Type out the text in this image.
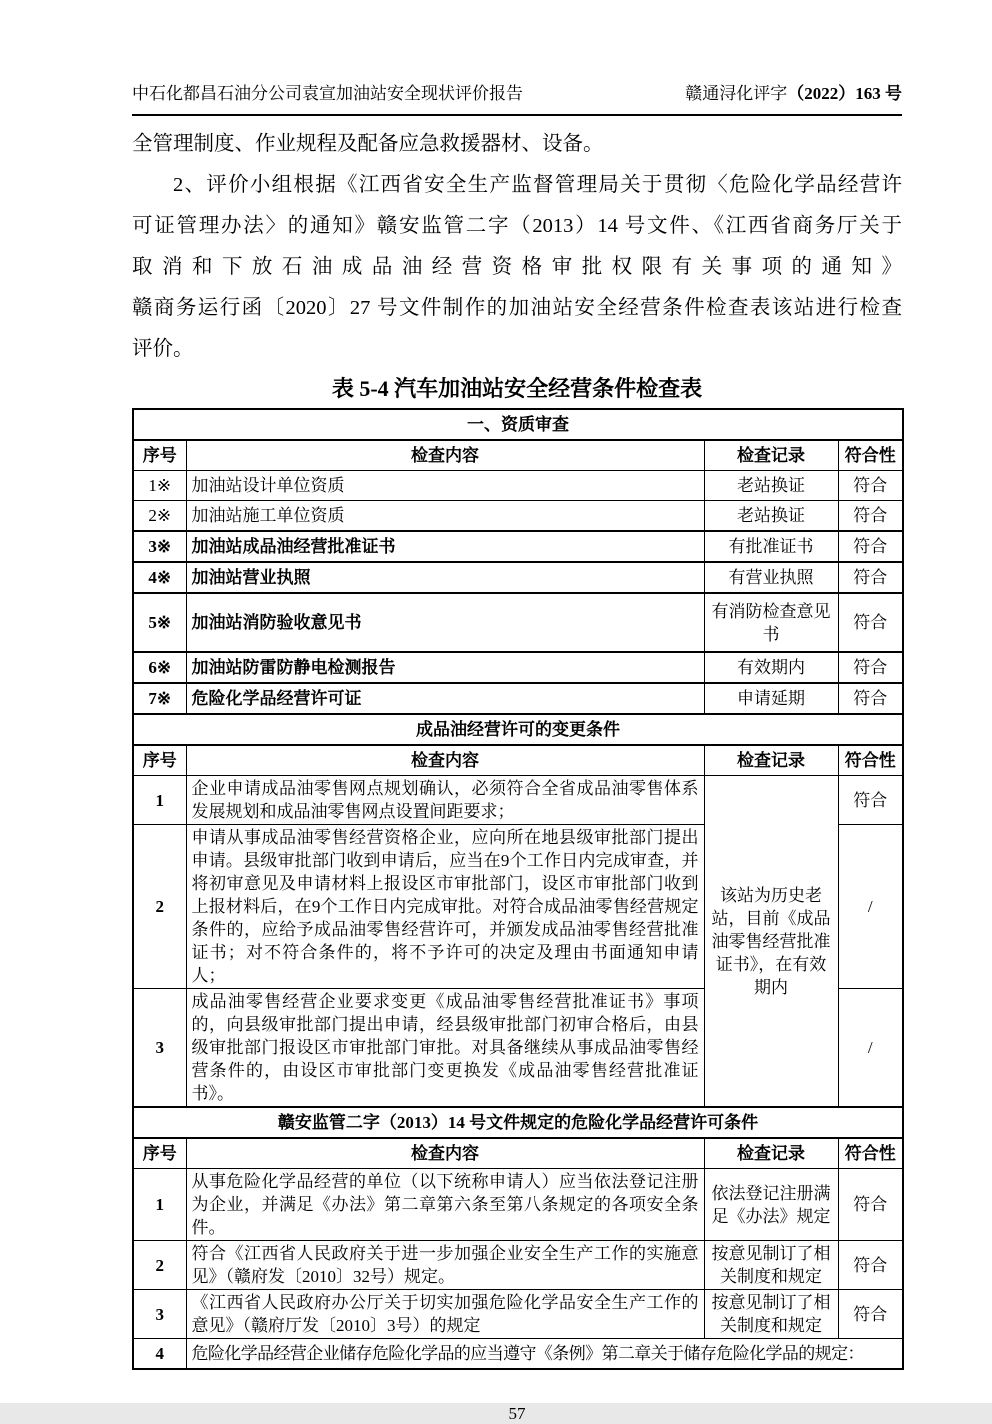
中石化都昌石油分公司袁宣加油站安全现状评价报告	赣通浔化评字（2022）163 号
全管理制度、作业规程及配备应急救援器材、设备。
2、评价小组根据《江西省安全生产监督管理局关于贯彻〈危险化学品经营许
可证管理办法〉的通知》赣安监管二字（2013）14 号文件、《江西省商务厅关于
取消和下放石油成品油经营资格审批权限有关事项的通知》
赣商务运行函〔2020〕27 号文件制作的加油站安全经营条件检查表该站进行检查
评价。
表 5-4 汽车加油站安全经营条件检查表
一、资质审查			
序号	检查内容	检查记录	符合性
1※	加油站设计单位资质	老站换证	符合
2※	加油站施工单位资质	老站换证	符合
3※	加油站成品油经营批准证书	有批准证书	符合
4※	加油站营业执照	有营业执照	符合
5※	加油站消防验收意见书	有消防检查意见书	符合
6※	加油站防雷防静电检测报告	有效期内	符合
7※	危险化学品经营许可证	申请延期	符合
成品油经营许可的变更条件			
序号	检查内容	检查记录	符合性
1	企业申请成品油零售网点规划确认，必须符合全省成品油零售体系发展规划和成品油零售网点设置间距要求；	该站为历史老站，目前《成品油零售经营批准证书》，在有效期内	符合
2	申请从事成品油零售经营资格企业，应向所在地县级审批部门提出申请。县级审批部门收到申请后，应当在9个工作日内完成审查，并将初审意见及申请材料上报设区市审批部门，设区市审批部门收到上报材料后，在9个工作日内完成审批。对符合成品油零售经营规定条件的，应给予成品油零售经营许可，并颁发成品油零售经营批准证书；对不符合条件的，将不予许可的决定及理由书面通知申请人；		/
3	成品油零售经营企业要求变更《成品油零售经营批准证书》事项的，向县级审批部门提出申请，经县级审批部门初审合格后，由县级审批部门报设区市审批部门审批。对具备继续从事成品油零售经营条件的，由设区市审批部门变更换发《成品油零售经营批准证书》。		/
赣安监管二字（2013）14 号文件规定的危险化学品经营许可条件			
序号	检查内容	检查记录	符合性
1	从事危险化学品经营的单位（以下统称申请人）应当依法登记注册为企业，并满足《办法》第二章第六条至第八条规定的各项安全条件。	依法登记注册满足《办法》规定	符合
2	符合《江西省人民政府关于进一步加强企业安全生产工作的实施意见》（赣府发〔2010〕32号）规定。	按意见制订了相关制度和规定	符合
3	《江西省人民政府办公厅关于切实加强危险化学品安全生产工作的意见》（赣府厅发〔2010〕3号）的规定	按意见制订了相关制度和规定	符合
4	危险化学品经营企业储存危险化学品的应当遵守《条例》第二章关于储存危险化学品的规定：		
57
